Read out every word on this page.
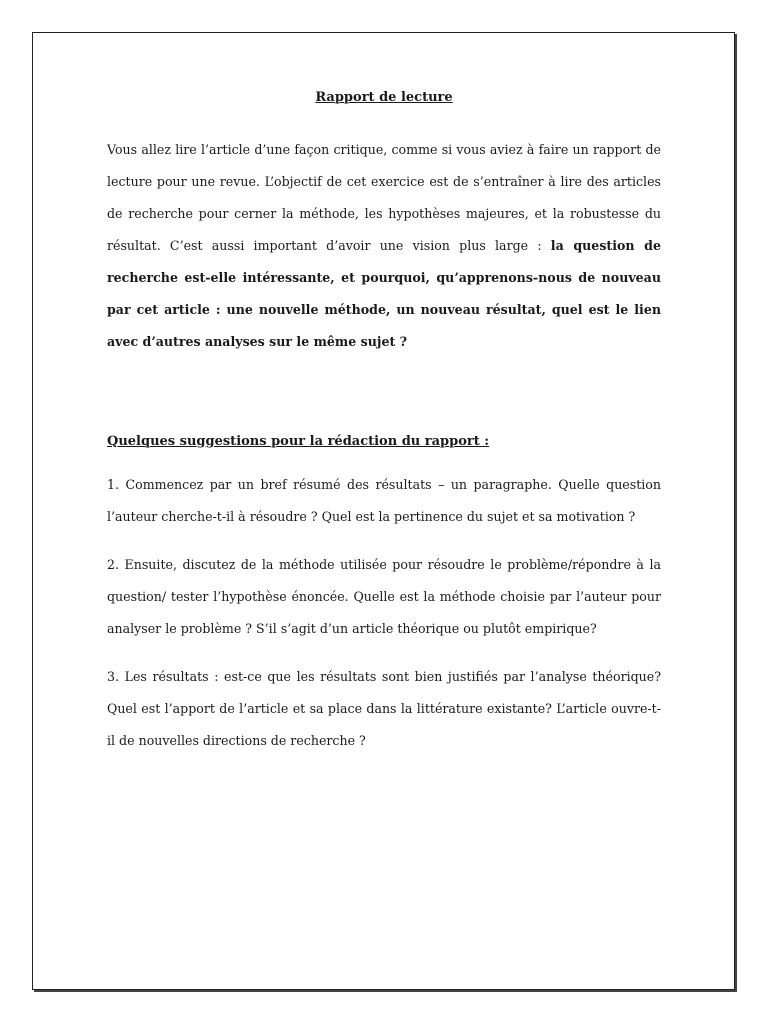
Rapport de lecture

Vous allez lire l’article d’une façon critique, comme si vous aviez à faire un rapport de lecture pour une revue. L’objectif de cet exercice est de s’entraîner à lire des articles de recherche pour cerner la méthode, les hypothèses majeures, et la robustesse du résultat. C’est aussi important d’avoir une vision plus large : la question de recherche est-elle intéressante, et pourquoi, qu’apprenons-nous de nouveau par cet article : une nouvelle méthode, un nouveau résultat, quel est le lien avec d’autres analyses sur le même sujet ?

Quelques suggestions pour la rédaction du rapport :

1. Commencez par un bref résumé des résultats – un paragraphe. Quelle question l’auteur cherche-t-il à résoudre ? Quel est la pertinence du sujet et sa motivation ?

2. Ensuite, discutez de la méthode utilisée pour résoudre le problème/répondre à la question/ tester l’hypothèse énoncée. Quelle est la méthode choisie par l’auteur pour analyser le problème ? S’il s’agit d’un article théorique ou plutôt empirique?

3. Les résultats : est-ce que les résultats sont bien justifiés par l’analyse théorique? Quel est l’apport de l’article et sa place dans la littérature existante? L’article ouvre-t-il de nouvelles directions de recherche ?
